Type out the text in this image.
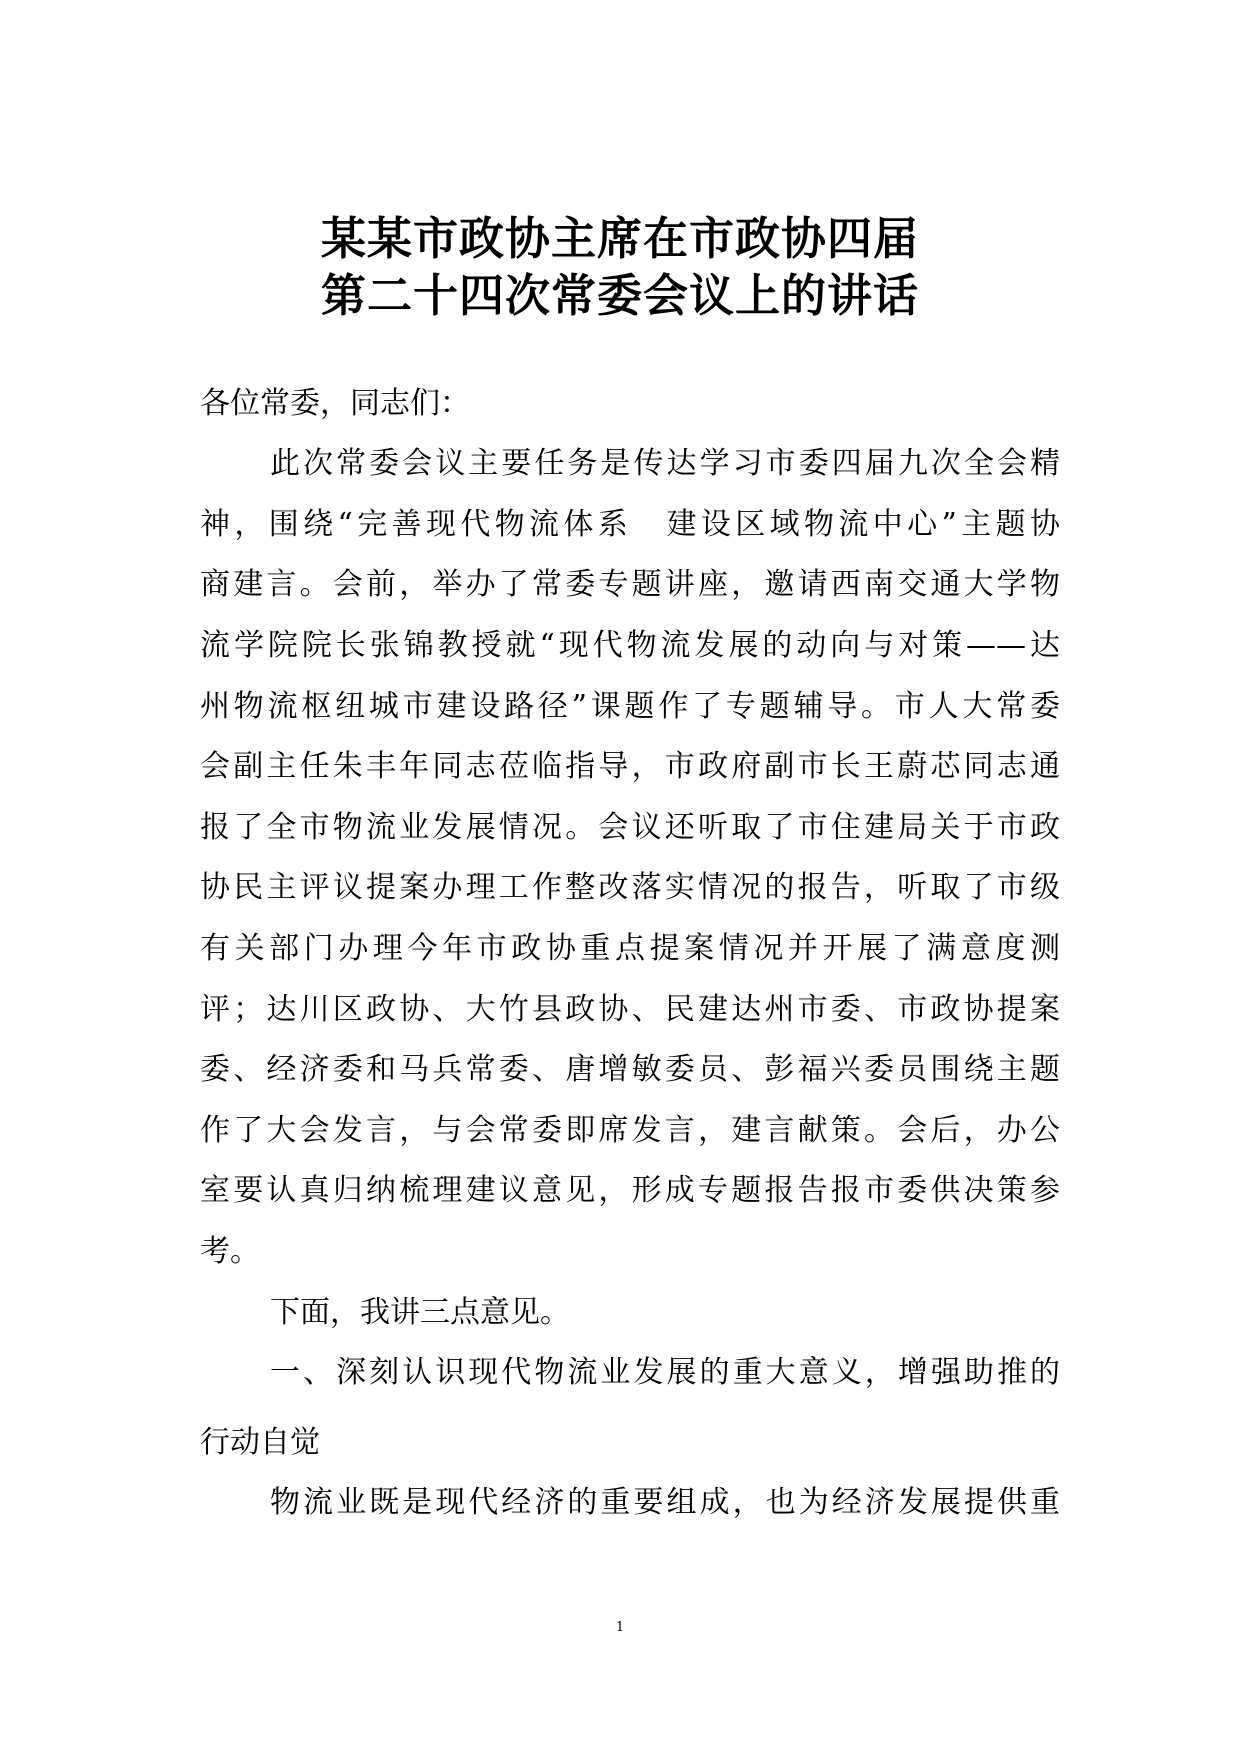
某某市政协主席在市政协四届
第二十四次常委会议上的讲话
各位常委，同志们：
此次常委会议主要任务是传达学习市委四届九次全会精
神，围绕“完善现代物流体系　建设区域物流中心”主题协
商建言。会前，举办了常委专题讲座，邀请西南交通大学物
流学院院长张锦教授就“现代物流发展的动向与对策——达
州物流枢纽城市建设路径”课题作了专题辅导。市人大常委
会副主任朱丰年同志莅临指导，市政府副市长王蔚芯同志通
报了全市物流业发展情况。会议还听取了市住建局关于市政
协民主评议提案办理工作整改落实情况的报告，听取了市级
有关部门办理今年市政协重点提案情况并开展了满意度测
评；达川区政协、大竹县政协、民建达州市委、市政协提案
委、经济委和马兵常委、唐增敏委员、彭福兴委员围绕主题
作了大会发言，与会常委即席发言，建言献策。会后，办公
室要认真归纳梳理建议意见，形成专题报告报市委供决策参
考。
下面，我讲三点意见。
一、深刻认识现代物流业发展的重大意义，增强助推的
行动自觉
物流业既是现代经济的重要组成，也为经济发展提供重
1
